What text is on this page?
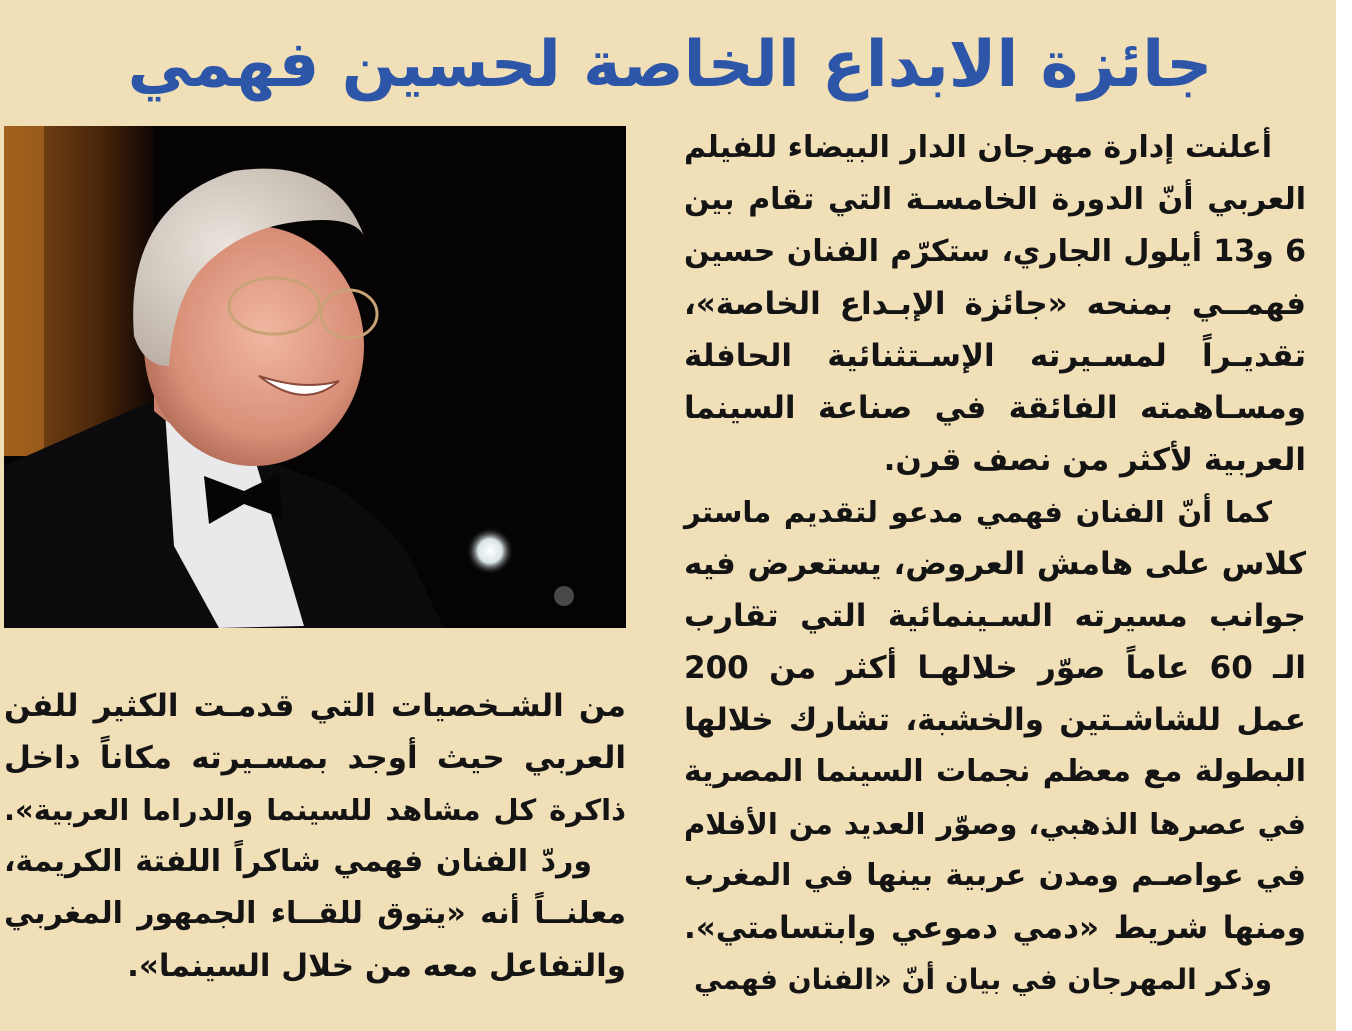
جائزة الابداع الخاصة لحسين فهمي
أعلنت إدارة مهرجان الدار البيضاء للفيلم
العربي أنّ الدورة الخامسـة التي تقام بين
6 و13 أيلول الجاري، ستكرّم الفنان حسين
فهمــي بمنحه «جائزة الإبـداع الخاصة»،
تقديـراً لمسـيرته الإسـتثنائية الحافلة
ومسـاهمته الفائقة في صناعة السينما
العربية لأكثر من نصف قرن.
كما أنّ الفنان فهمي مدعو لتقديم ماستر
كلاس على هامش العروض، يستعرض فيه
جوانب مسيرته السـينمائية التي تقارب
الـ 60 عاماً صوّر خلالهـا أكثر من 200
عمل للشاشـتين والخشبة، تشارك خلالها
البطولة مع معظم نجمات السينما المصرية
في عصرها الذهبي، وصوّر العديد من الأفلام
في عواصـم ومدن عربية بينها في المغرب
ومنها شريط «دمي دموعي وابتسامتي».
وذكر المهرجان في بيان أنّ «الفنان فهمي
من الشـخصيات التي قدمـت الكثير للفن
العربي حيث أوجد بمسـيرته مكاناً داخل
ذاكرة كل مشاهد للسينما والدراما العربية».
وردّ الفنان فهمي شاكراً اللفتة الكريمة،
معلنــاً أنه «يتوق للقــاء الجمهور المغربي
والتفاعل معه من خلال السينما».
